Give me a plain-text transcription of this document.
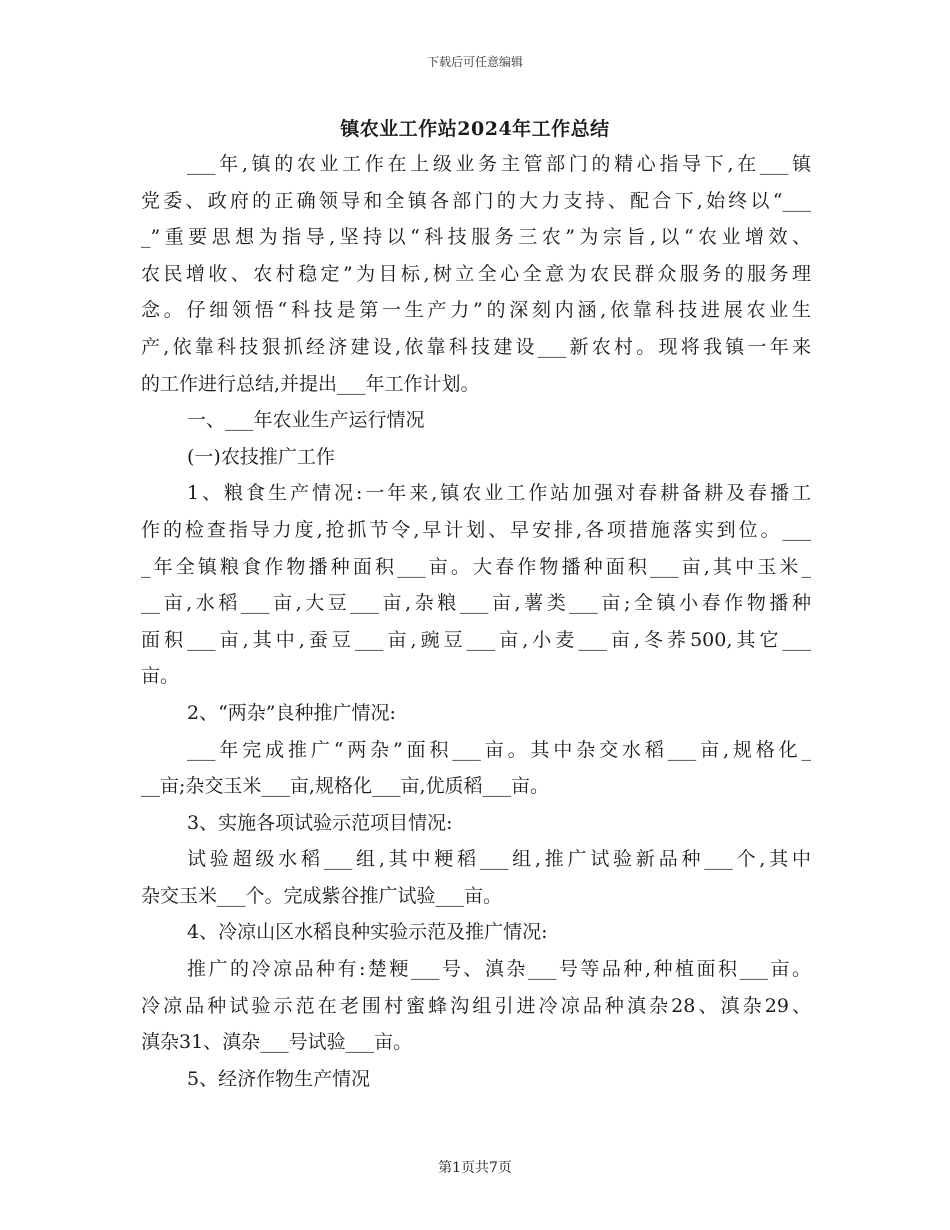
下载后可任意编辑
镇农业工作站2024年工作总结
___年,镇的农业工作在上级业务主管部门的精心指导下,在___镇
党委、政府的正确领导和全镇各部门的大力支持、配合下,始终以“___
_”重要思想为指导,坚持以“科技服务三农”为宗旨,以“农业增效、
农民增收、农村稳定”为目标,树立全心全意为农民群众服务的服务理
念。仔细领悟“科技是第一生产力”的深刻内涵,依靠科技进展农业生
产,依靠科技狠抓经济建设,依靠科技建设___新农村。现将我镇一年来
的工作进行总结,并提出___年工作计划。
一、___年农业生产运行情况
(一)农技推广工作
1、粮食生产情况:一年来,镇农业工作站加强对春耕备耕及春播工
作的检查指导力度,抢抓节令,早计划、早安排,各项措施落实到位。___
_年全镇粮食作物播种面积___亩。大春作物播种面积___亩,其中玉米_
__亩,水稻___亩,大豆___亩,杂粮___亩,薯类___亩;全镇小春作物播种
面积___亩,其中,蚕豆___亩,豌豆___亩,小麦___亩,冬荞500,其它___
亩。
2、“两杂”良种推广情况:
___年完成推广“两杂”面积___亩。其中杂交水稻___亩,规格化_
__亩;杂交玉米___亩,规格化___亩,优质稻___亩。
3、实施各项试验示范项目情况:
试验超级水稻___组,其中粳稻___组,推广试验新品种___个,其中
杂交玉米___个。完成紫谷推广试验___亩。
4、冷凉山区水稻良种实验示范及推广情况:
推广的冷凉品种有:楚粳___号、滇杂___号等品种,种植面积___亩。
冷凉品种试验示范在老围村蜜蜂沟组引进冷凉品种滇杂28、滇杂29、
滇杂31、滇杂___号试验___亩。
5、经济作物生产情况
第1页共7页
